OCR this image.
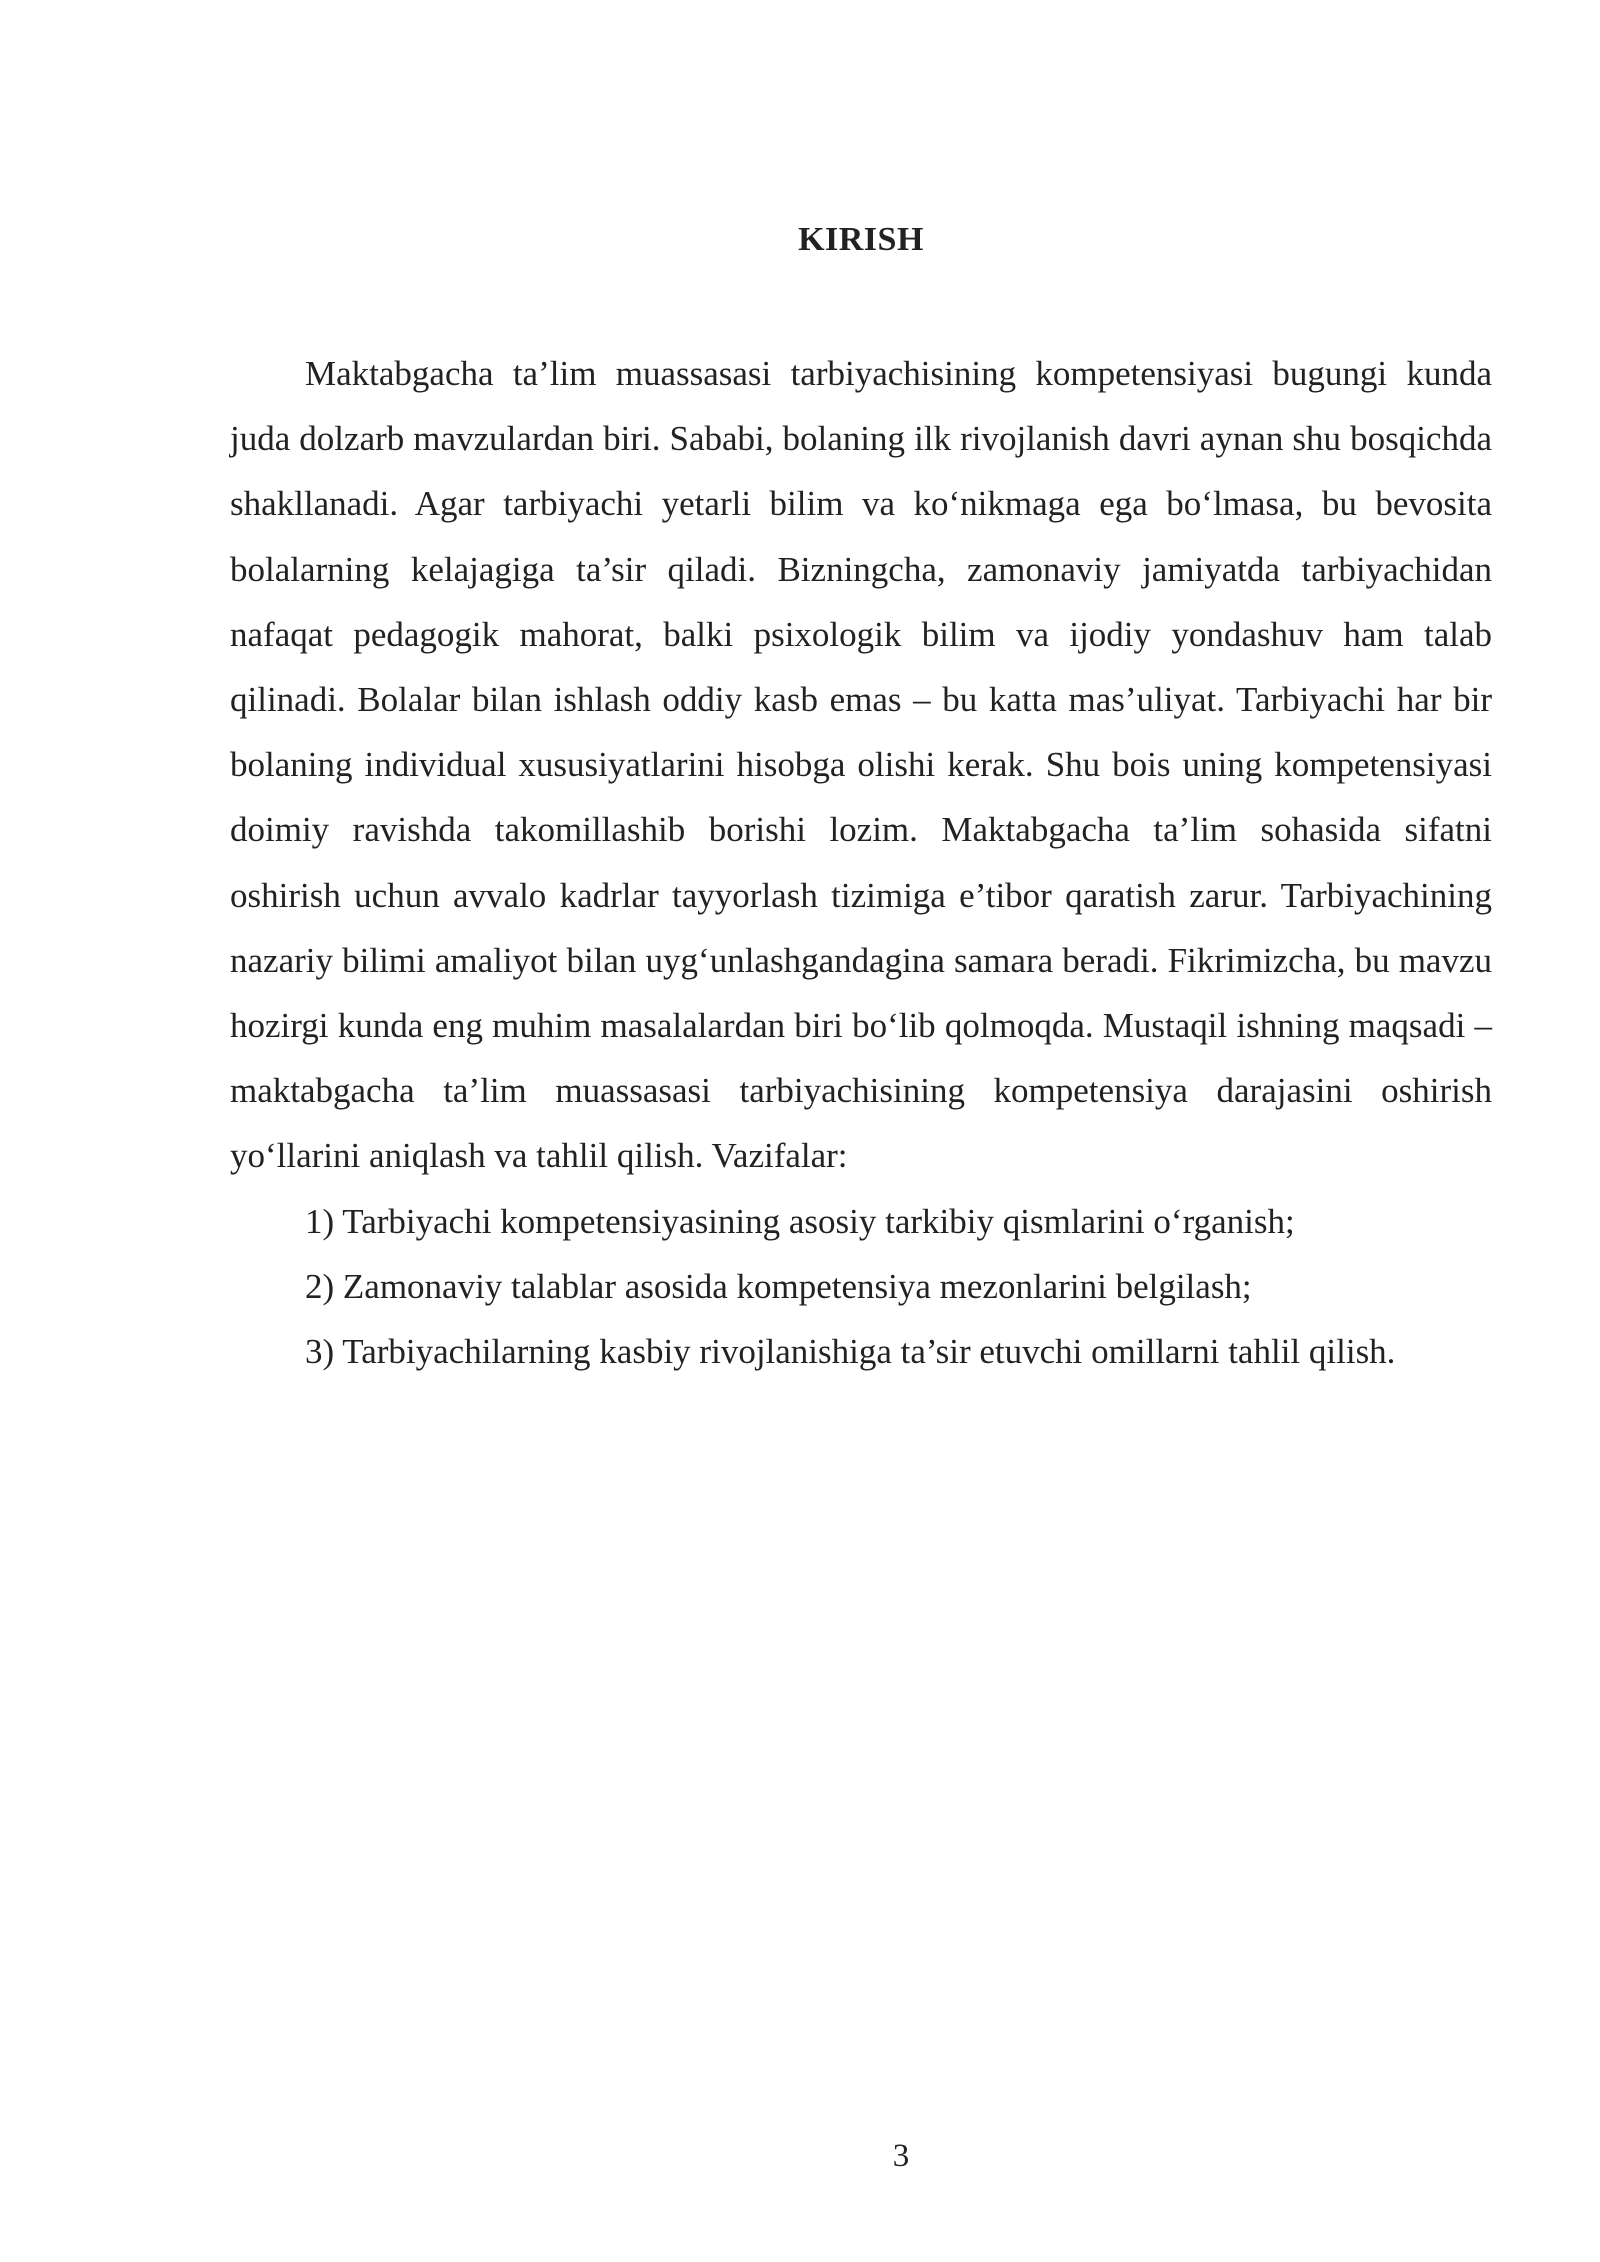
KIRISH

Maktabgacha ta’lim muassasasi tarbiyachisining kompetensiyasi bugungi kunda juda dolzarb mavzulardan biri. Sababi, bolaning ilk rivojlanish davri aynan shu bosqichda shakllanadi. Agar tarbiyachi yetarli bilim va ko‘nikmaga ega bo‘lmasa, bu bevosita bolalarning kelajagiga ta’sir qiladi. Bizningcha, zamonaviy jamiyatda tarbiyachidan nafaqat pedagogik mahorat, balki psixologik bilim va ijodiy yondashuv ham talab qilinadi. Bolalar bilan ishlash oddiy kasb emas – bu katta mas’uliyat. Tarbiyachi har bir bolaning individual xususiyatlarini hisobga olishi kerak. Shu bois uning kompetensiyasi doimiy ravishda takomillashib borishi lozim. Maktabgacha ta’lim sohasida sifatni oshirish uchun avvalo kadrlar tayyorlash tizimiga e’tibor qaratish zarur. Tarbiyachining nazariy bilimi amaliyot bilan uyg‘unlashgandagina samara beradi. Fikrimizcha, bu mavzu hozirgi kunda eng muhim masalalardan biri bo‘lib qolmoqda. Mustaqil ishning maqsadi – maktabgacha ta’lim muassasasi tarbiyachisining kompetensiya darajasini oshirish yo‘llarini aniqlash va tahlil qilish. Vazifalar:

1) Tarbiyachi kompetensiyasining asosiy tarkibiy qismlarini o‘rganish;
2) Zamonaviy talablar asosida kompetensiya mezonlarini belgilash;
3) Tarbiyachilarning kasbiy rivojlanishiga ta’sir etuvchi omillarni tahlil qilish.

3
